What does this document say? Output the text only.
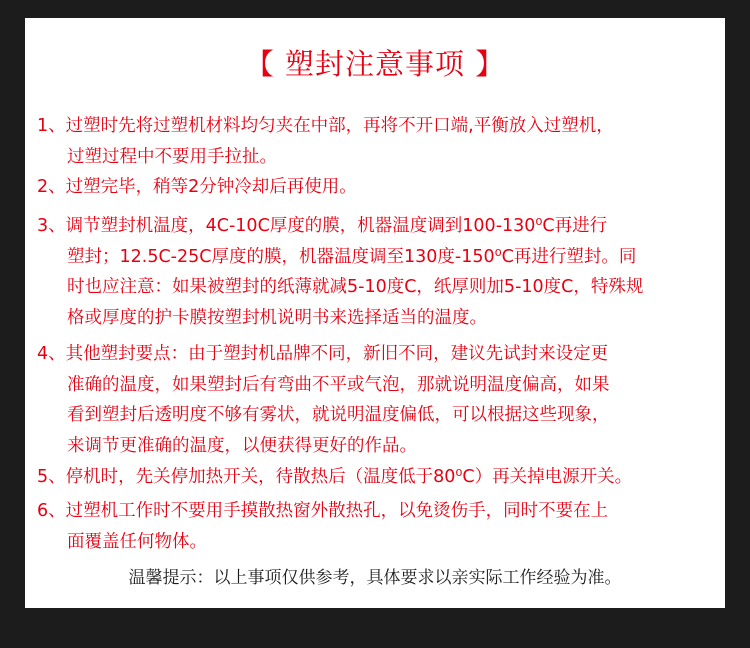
【 塑封注意事项 】
1、过塑时先将过塑机材料均匀夹在中部，再将不开口端,平衡放入过塑机，
过塑过程中不要用手拉扯。
2、过塑完毕，稍等2分钟冷却后再使用。
3、调节塑封机温度，4C-10C厚度的膜，机器温度调到100-130⁰C再进行
塑封；12.5C-25C厚度的膜，机器温度调至130度-150⁰C再进行塑封。同
时也应注意：如果被塑封的纸薄就减5-10度C，纸厚则加5-10度C，特殊规
格或厚度的护卡膜按塑封机说明书来选择适当的温度。
4、其他塑封要点：由于塑封机品牌不同，新旧不同，建议先试封来设定更
准确的温度，如果塑封后有弯曲不平或气泡，那就说明温度偏高，如果
看到塑封后透明度不够有雾状，就说明温度偏低，可以根据这些现象，
来调节更准确的温度，以便获得更好的作品。
5、停机时，先关停加热开关，待散热后（温度低于80⁰C）再关掉电源开关。
6、过塑机工作时不要用手摸散热窗外散热孔，以免烫伤手，同时不要在上
面覆盖任何物体。
温馨提示：以上事项仅供参考，具体要求以亲实际工作经验为准。
